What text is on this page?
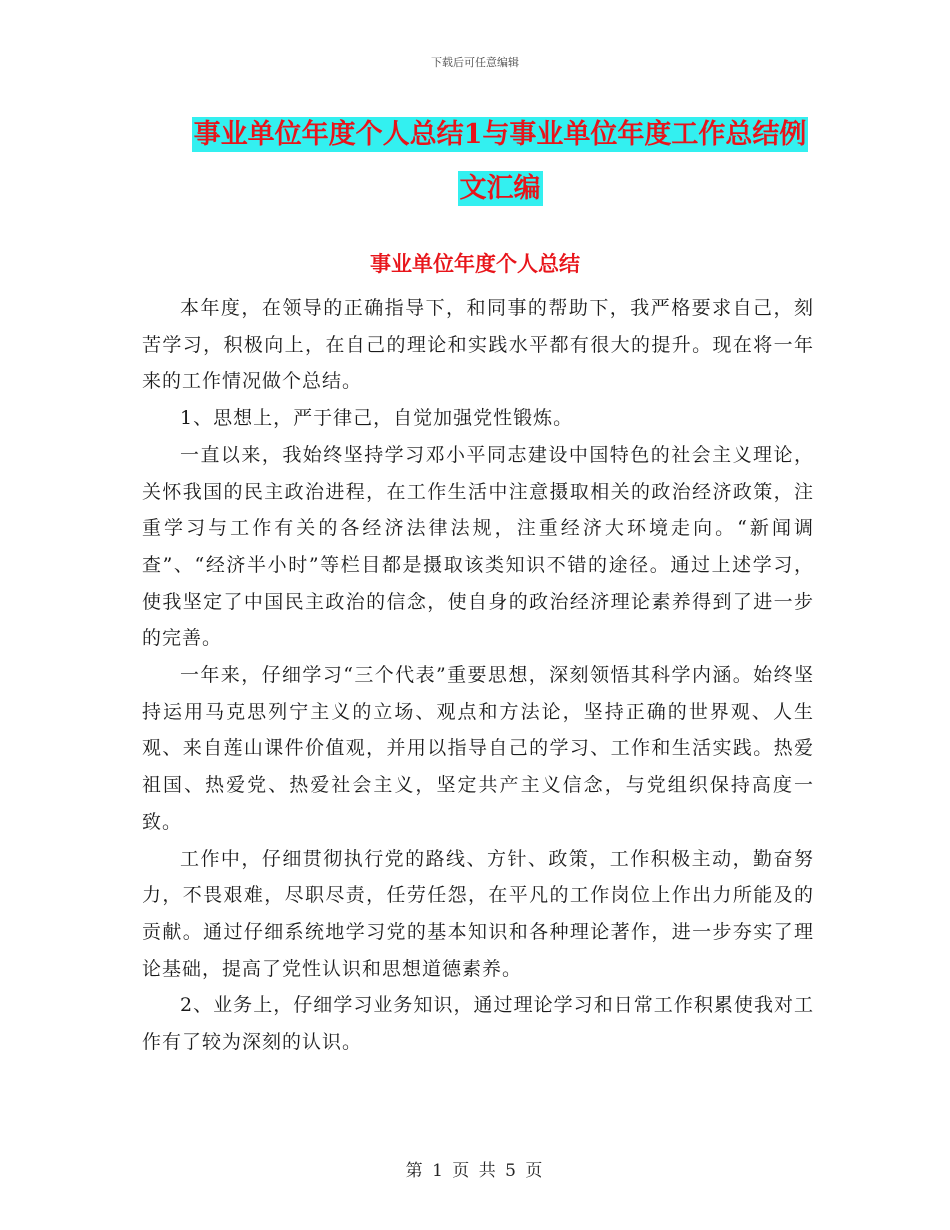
下载后可任意编辑
事业单位年度个人总结1与事业单位年度工作总结例
文汇编
事业单位年度个人总结

本年度，在领导的正确指导下，和同事的帮助下，我严格要求自己，刻苦学习，积极向上，在自己的理论和实践水平都有很大的提升。现在将一年来的工作情况做个总结。

1、思想上，严于律己，自觉加强党性锻炼。

一直以来，我始终坚持学习邓小平同志建设中国特色的社会主义理论，关怀我国的民主政治进程，在工作生活中注意摄取相关的政治经济政策，注重学习与工作有关的各经济法律法规，注重经济大环境走向。“新闻调查”、“经济半小时”等栏目都是摄取该类知识不错的途径。通过上述学习，使我坚定了中国民主政治的信念，使自身的政治经济理论素养得到了进一步的完善。

一年来，仔细学习“三个代表”重要思想，深刻领悟其科学内涵。始终坚持运用马克思列宁主义的立场、观点和方法论，坚持正确的世界观、人生观、来自莲山课件价值观，并用以指导自己的学习、工作和生活实践。热爱祖国、热爱党、热爱社会主义，坚定共产主义信念，与党组织保持高度一致。

工作中，仔细贯彻执行党的路线、方针、政策，工作积极主动，勤奋努力，不畏艰难，尽职尽责，任劳任怨，在平凡的工作岗位上作出力所能及的贡献。通过仔细系统地学习党的基本知识和各种理论著作，进一步夯实了理论基础，提高了党性认识和思想道德素养。

2、业务上，仔细学习业务知识，通过理论学习和日常工作积累使我对工作有了较为深刻的认识。

第 1 页 共 5 页
